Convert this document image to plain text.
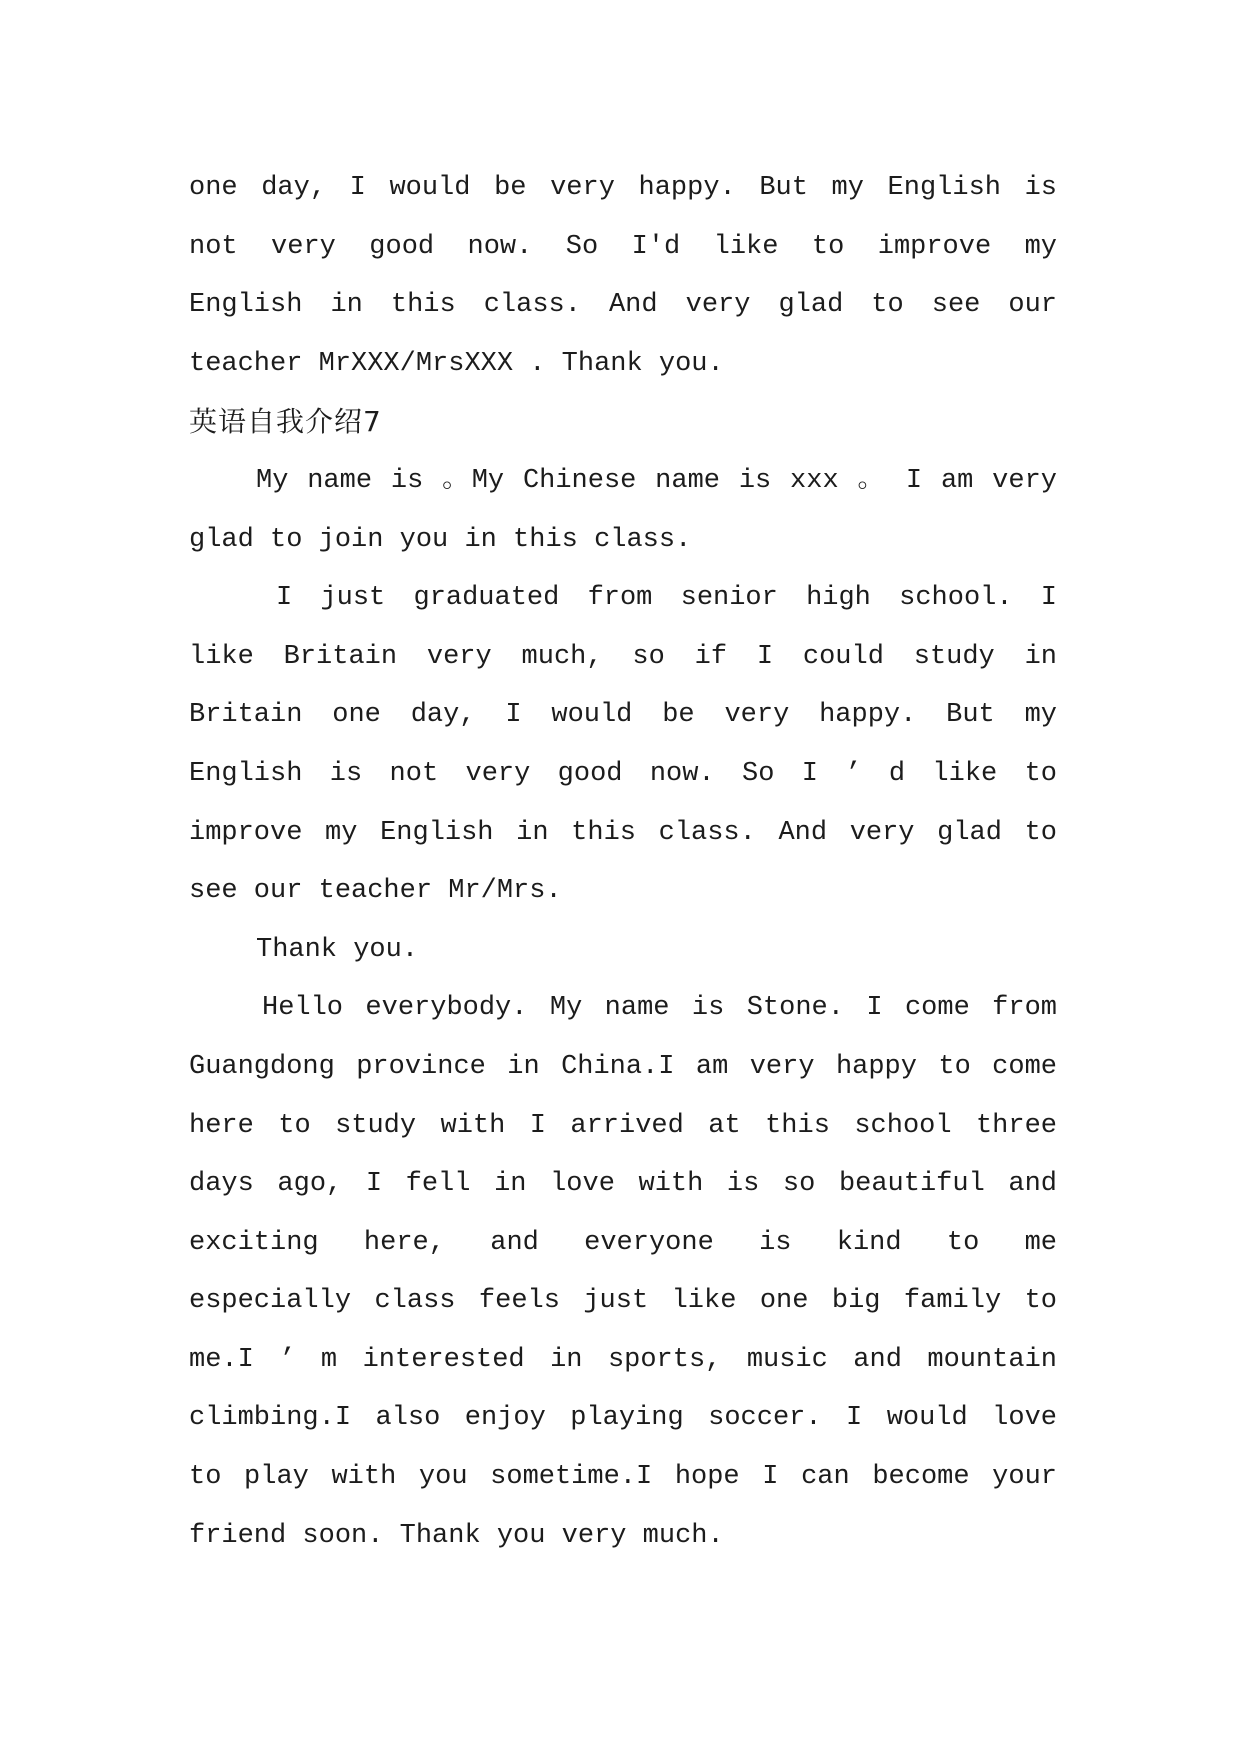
one day, I would be very happy. But my English is
not very good now. So I'd like to improve my
English in this class. And very glad to see our
teacher MrXXX/MrsXXX . Thank you.
英语自我介绍7
My name is 。My Chinese name is xxx 。 I am very
glad to join you in this class.
I just graduated from senior high school. I
like Britain very much, so if I could study in
Britain one day, I would be very happy. But my
English is not very good now. So I ’ d like to
improve my English in this class. And very glad to
see our teacher Mr/Mrs.
Thank you.
Hello everybody. My name is Stone. I come from
Guangdong province in China.I am very happy to come
here to study with I arrived at this school three
days ago, I fell in love with is so beautiful and
exciting here, and everyone is kind to me
especially class feels just like one big family to
me.I ’ m interested in sports, music and mountain
climbing.I also enjoy playing soccer. I would love
to play with you sometime.I hope I can become your
friend soon. Thank you very much.
